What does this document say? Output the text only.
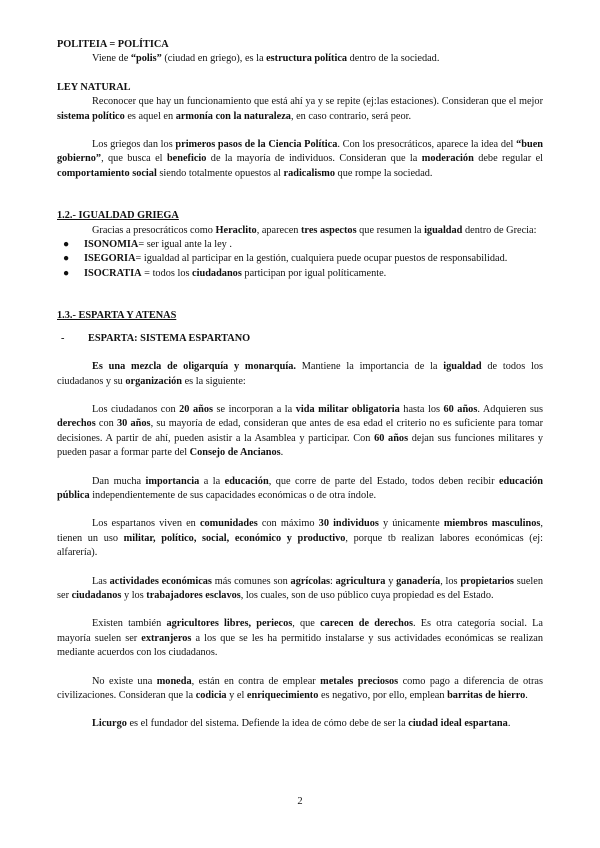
POLITEIA = POLÍTICA

Viene de “polis” (ciudad en griego), es la estructura política dentro de la sociedad.

LEY NATURAL

Reconocer que hay un funcionamiento que está ahí ya y se repite (ej:las estaciones). Consideran que el mejor sistema político es aquel en armonía con la naturaleza, en caso contrario, será peor.

Los griegos dan los primeros pasos de la Ciencia Política. Con los presocráticos, aparece la idea del “buen gobierno”, que busca el beneficio de la mayoría de individuos. Consideran que la moderación debe regular el comportamiento social siendo totalmente opuestos al radicalismo que rompe la sociedad.

1.2.- IGUALDAD GRIEGA

Gracias a presocráticos como Heraclito, aparecen tres aspectos que resumen la igualdad dentro de Grecia:

● ISONOMIA= ser igual ante la ley .
● ISEGORIA= igualdad al participar en la gestión, cualquiera puede ocupar puestos de responsabilidad.
● ISOCRATIA = todos los ciudadanos participan por igual políticamente.
1.3.- ESPARTA Y ATENAS
- ESPARTA: SISTEMA ESPARTANO

Es una mezcla de oligarquía y monarquía. Mantiene la importancia de la igualdad de todos los ciudadanos y su organización es la siguiente:

Los ciudadanos con 20 años se incorporan a la vida militar obligatoria hasta los 60 años. Adquieren sus derechos con 30 años, su mayoría de edad, consideran que antes de esa edad el criterio no es suficiente para tomar decisiones. A partir de ahí, pueden asistir a la Asamblea y participar. Con 60 años dejan sus funciones militares y pueden pasar a formar parte del Consejo de Ancianos.

Dan mucha importancia a la educación, que corre de parte del Estado, todos deben recibir educación pública independientemente de sus capacidades económicas o de otra índole.

Los espartanos viven en comunidades con máximo 30 individuos y únicamente miembros masculinos, tienen un uso militar, político, social, económico y productivo, porque tb realizan labores económicas (ej: alfarería).

Las actividades económicas más comunes son agrícolas: agricultura y ganadería, los propietarios suelen ser ciudadanos y los trabajadores esclavos, los cuales, son de uso público cuya propiedad es del Estado.

Existen también agricultores libres, periecos, que carecen de derechos. Es otra categoría social. La mayoría suelen ser extranjeros a los que se les ha permitido instalarse y sus actividades económicas se realizan mediante acuerdos con los ciudadanos.

No existe una moneda, están en contra de emplear metales preciosos como pago a diferencia de otras civilizaciones. Consideran que la codicia y el enriquecimiento es negativo, por ello, emplean barritas de hierro.

Licurgo es el fundador del sistema. Defiende la idea de cómo debe de ser la ciudad ideal espartana.

2
